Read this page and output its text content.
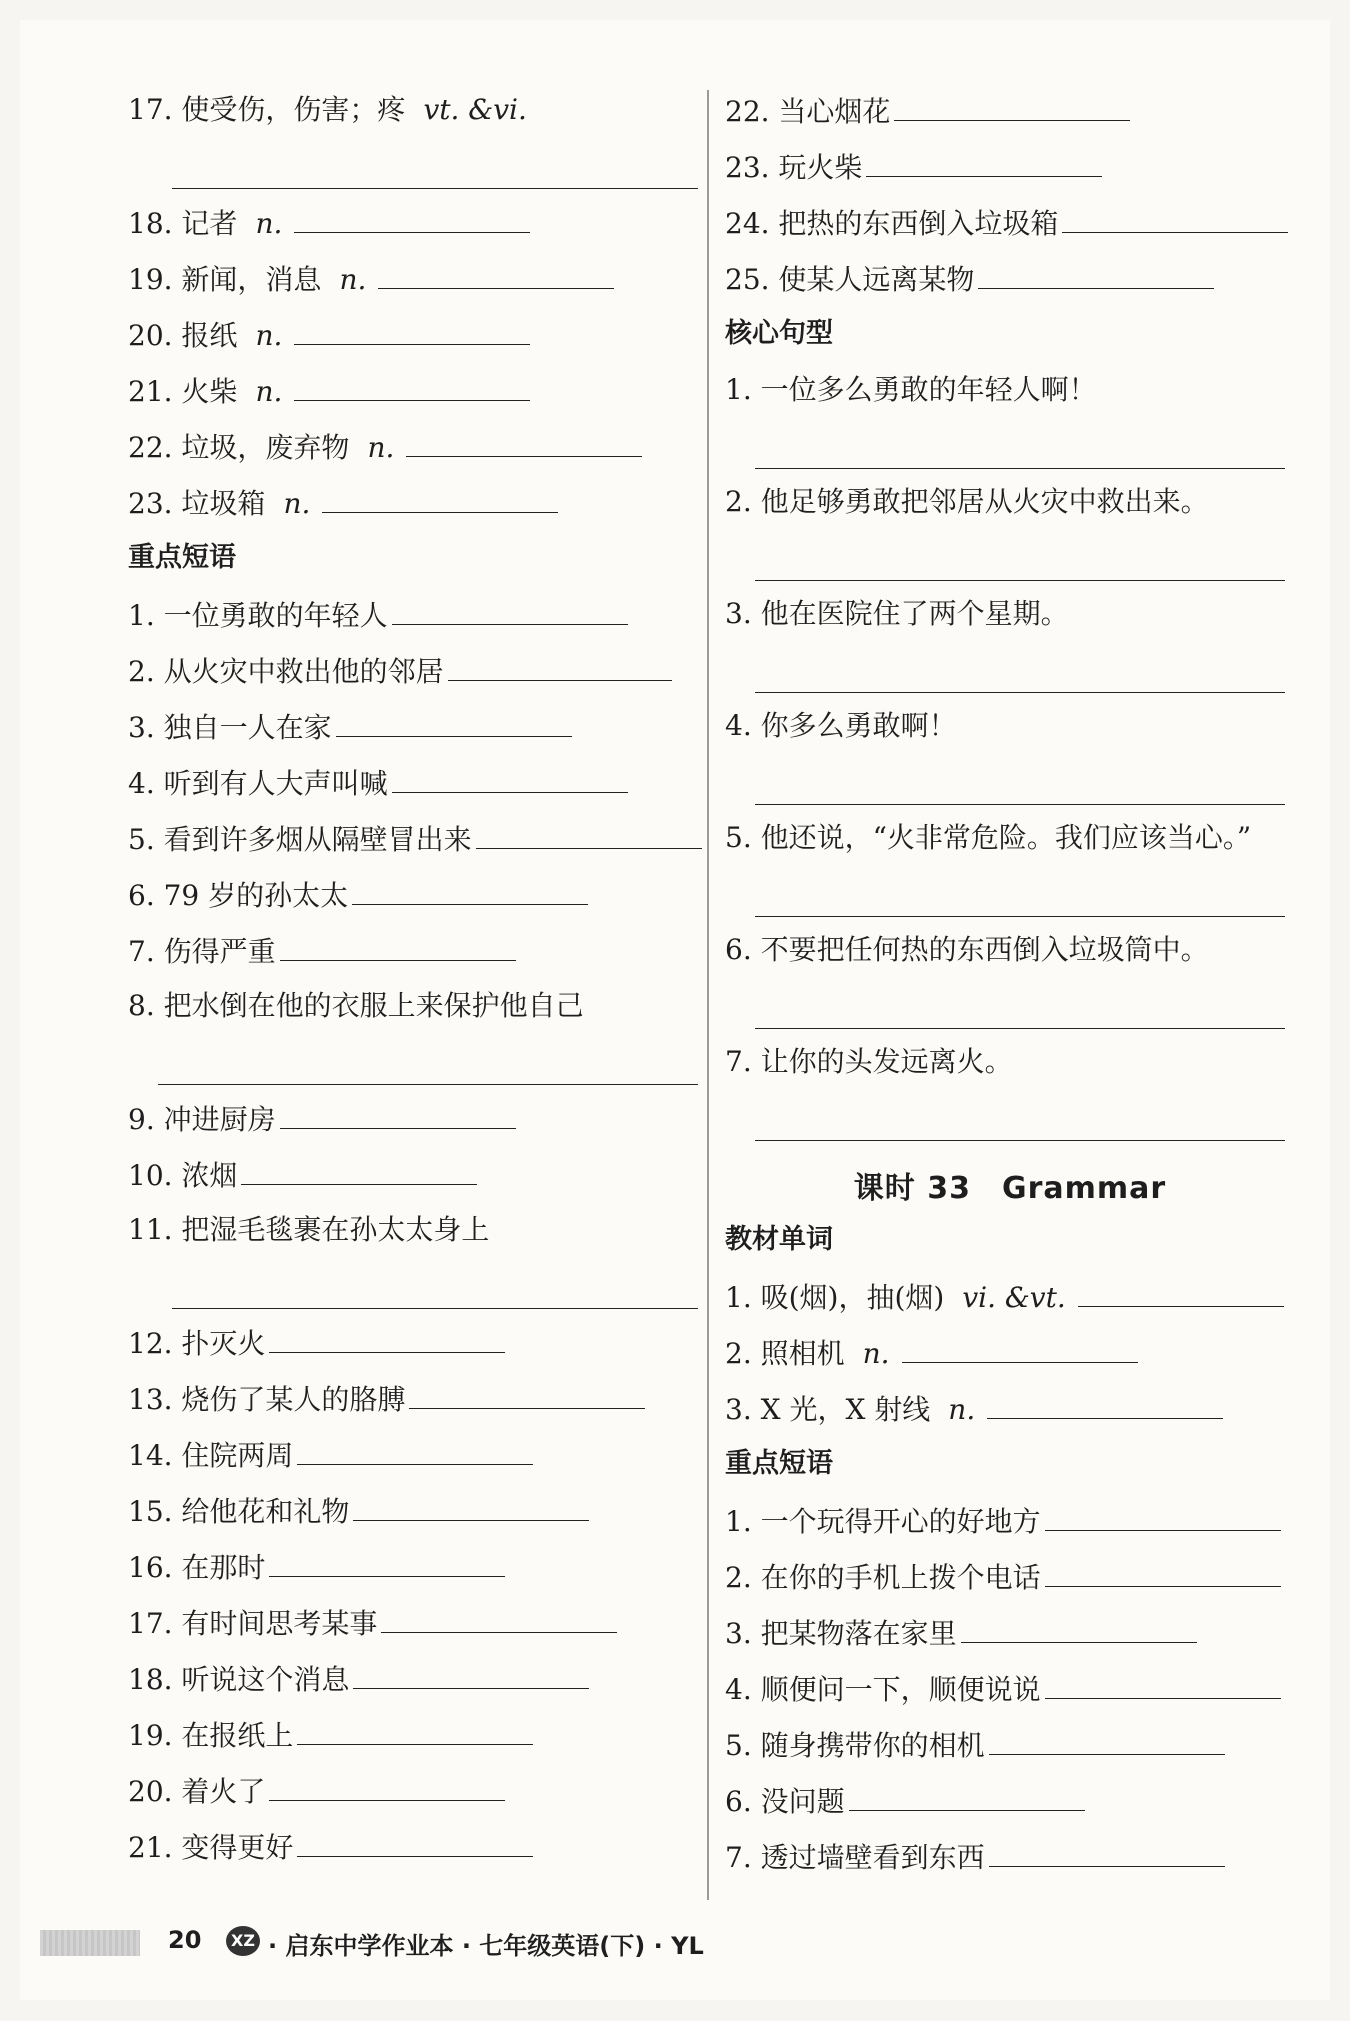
17. 使受伤，伤害；疼 vt. &vi.
18. 记者 n.
19. 新闻，消息 n.
20. 报纸 n.
21. 火柴 n.
22. 垃圾，废弃物 n.
23. 垃圾箱 n.
重点短语
1. 一位勇敢的年轻人
2. 从火灾中救出他的邻居
3. 独自一人在家
4. 听到有人大声叫喊
5. 看到许多烟从隔壁冒出来
6. 79 岁的孙太太
7. 伤得严重
8. 把水倒在他的衣服上来保护他自己
9. 冲进厨房
10. 浓烟
11. 把湿毛毯裹在孙太太身上
12. 扑灭火
13. 烧伤了某人的胳膊
14. 住院两周
15. 给他花和礼物
16. 在那时
17. 有时间思考某事
18. 听说这个消息
19. 在报纸上
20. 着火了
21. 变得更好
22. 当心烟花
23. 玩火柴
24. 把热的东西倒入垃圾箱
25. 使某人远离某物
核心句型
1. 一位多么勇敢的年轻人啊！
2. 他足够勇敢把邻居从火灾中救出来。
3. 他在医院住了两个星期。
4. 你多么勇敢啊！
5. 他还说，“火非常危险。我们应该当心。”
6. 不要把任何热的东西倒入垃圾筒中。
7. 让你的头发远离火。
课时 33　Grammar
教材单词
1. 吸(烟)，抽(烟) vi. &vt.
2. 照相机 n.
3. X 光，X 射线 n.
重点短语
1. 一个玩得开心的好地方
2. 在你的手机上拨个电话
3. 把某物落在家里
4. 顺便问一下，顺便说说
5. 随身携带你的相机
6. 没问题
7. 透过墙壁看到东西
20	XZ · 启东中学作业本 · 七年级英语(下) · YL
